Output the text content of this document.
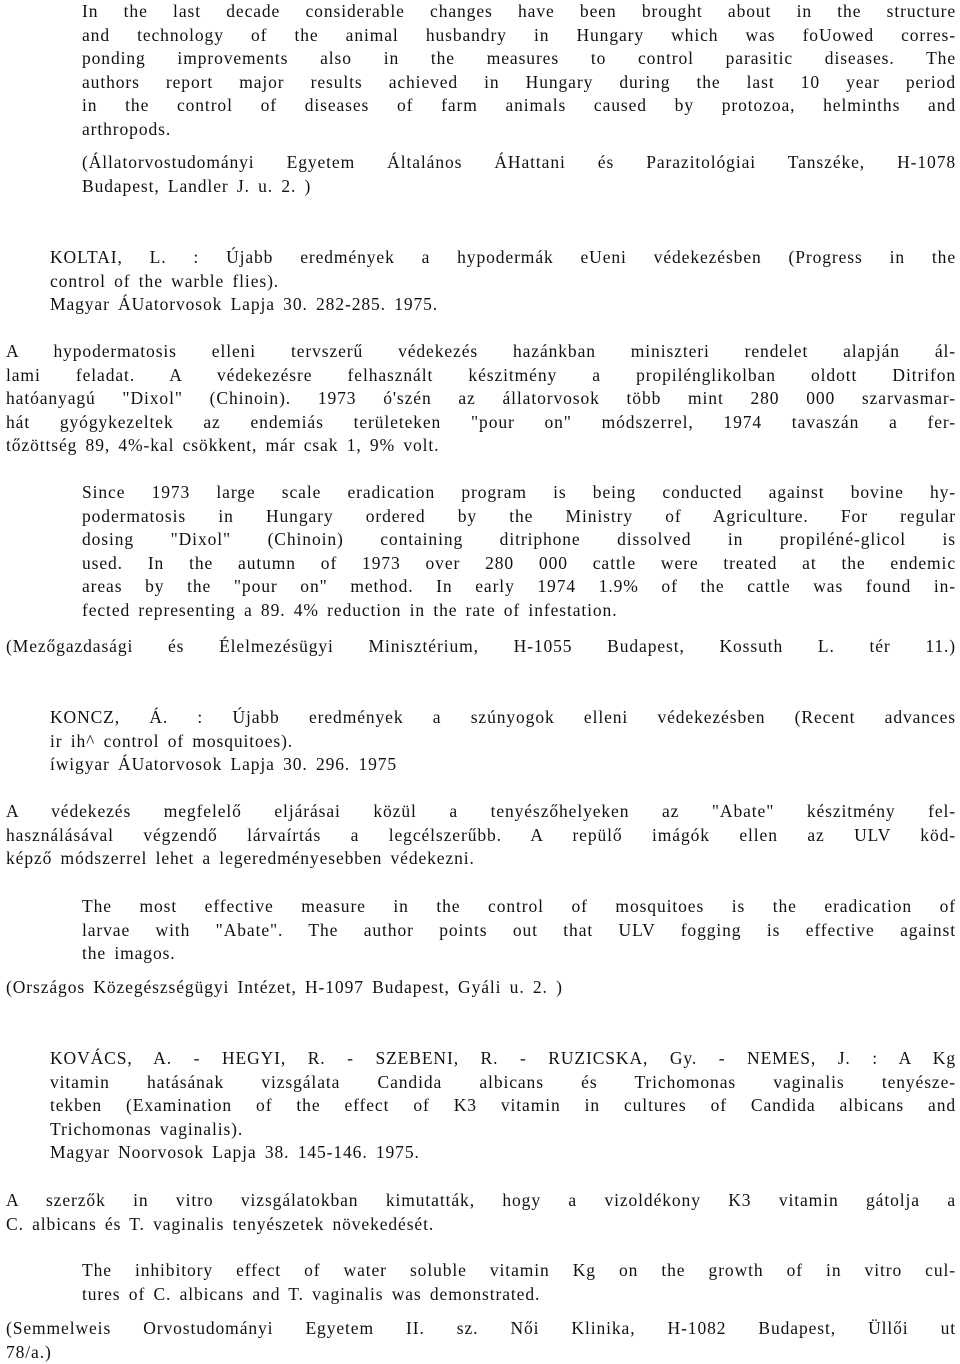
In the last decade considerable changes have been brought about in the structure
and technology of the animal husbandry in Hungary which was foUowed corres-
ponding improvements also in the measures to control parasitic diseases. The
authors report major results achieved in Hungary during the last 10 year period
in the control of diseases of farm animals caused by protozoa, helminths and
arthropods.
(Állatorvostudományi Egyetem Általános ÁHattani és Parazitológiai Tanszéke, H-1078
Budapest, Landler J. u. 2. )
KOLTAI, L. : Újabb eredmények a hypodermák eUeni védekezésben (Progress in the
control of the warble flies).
Magyar ÁUatorvosok Lapja 30. 282-285. 1975.
A hypodermatosis elleni tervszerű védekezés hazánkban miniszteri rendelet alapján ál-
lami feladat. A védekezésre felhasznált készitmény a propilénglikolban oldott Ditrifon
hatóanyagú "Dixol" (Chinoin). 1973 ó'szén az állatorvosok több mint 280 000 szarvasmar-
hát gyógykezeltek az endemiás területeken "pour on" módszerrel, 1974 tavaszán a fer-
tőzöttség 89, 4%-kal csökkent, már csak 1, 9% volt.
Since 1973 large scale eradication program is being conducted against bovine hy-
podermatosis in Hungary ordered by the Ministry of Agriculture. For regular
dosing "Dixol" (Chinoin) containing ditriphone dissolved in propiléné-glicol is
used. In the autumn of 1973 over 280 000 cattle were treated at the endemic
areas by the "pour on" method. In early 1974 1.9% of the cattle was found in-
fected representing a 89. 4% reduction in the rate of infestation.
(Mezőgazdasági és Élelmezésügyi Minisztérium, H-1055 Budapest, Kossuth L. tér 11.)
KONCZ, Á. : Újabb eredmények a szúnyogok elleni védekezésben (Recent advances
ir ih^ control of mosquitoes).
íwigyar ÁUatorvosok Lapja 30. 296. 1975
A védekezés megfelelő eljárásai közül a tenyészőhelyeken az "Abate" készitmény fel-
használásával végzendő lárvaírtás a legcélszerűbb. A repülő imágók ellen az ULV köd-
képző módszerrel lehet a legeredményesebben védekezni.
The most effective measure in the control of mosquitoes is the eradication of
larvae with "Abate". The author points out that ULV fogging is effective against
the imagos.
(Országos Közegészségügyi Intézet, H-1097 Budapest, Gyáli u. 2. )
KOVÁCS, A. - HEGYI, R. - SZEBENI, R. - RUZICSKA, Gy. - NEMES, J. : A Kg
vitamin hatásának vizsgálata Candida albicans és Trichomonas vaginalis tenyésze-
tekben (Examination of the effect of K3 vitamin in cultures of Candida albicans and
Trichomonas vaginalis).
Magyar Noorvosok Lapja 38. 145-146. 1975.
A szerzők in vitro vizsgálatokban kimutatták, hogy a vizoldékony K3 vitamin gátolja a
C. albicans és T. vaginalis tenyészetek növekedését.
The inhibitory effect of water soluble vitamin Kg on the growth of in vitro cul-
tures of C. albicans and T. vaginalis was demonstrated.
(Semmelweis Orvostudományi Egyetem II. sz. Női Klinika, H-1082 Budapest, Üllői ut
78/a.)
